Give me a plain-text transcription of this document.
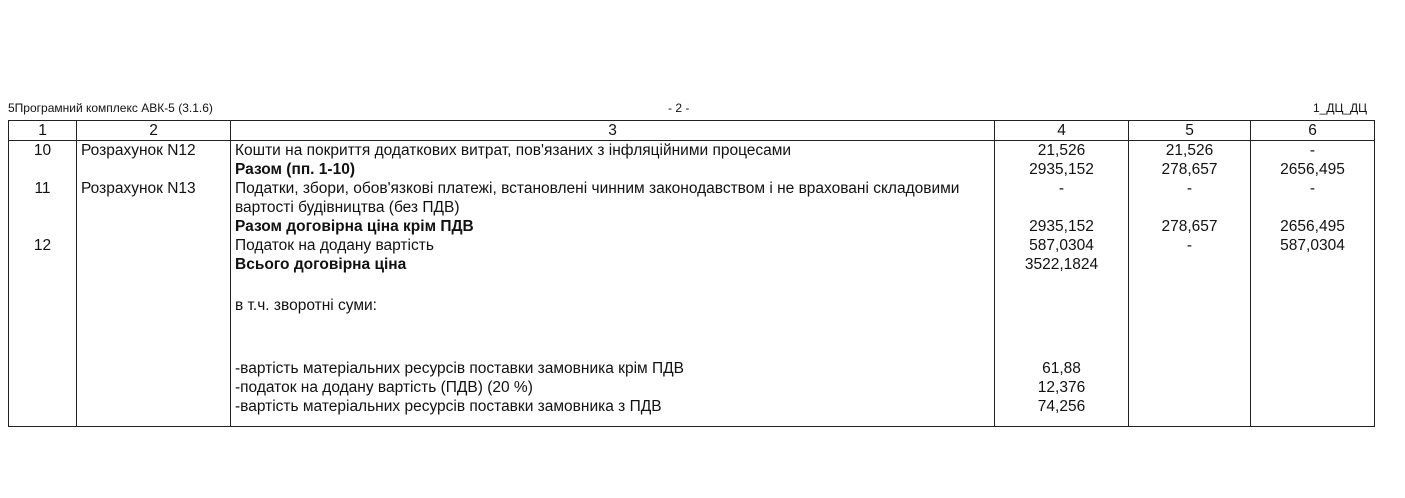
5Програмний комплекс АВК-5 (3.1.6)	- 2 -	1_ДЦ_ДЦ
1	2	3	4	5	6
10	Розрахунок N12	Кошти на покриття додаткових витрат, пов'язаних з інфляційними процесами	21,526	21,526	-
		Разом (пп. 1-10)	2935,152	278,657	2656,495
11	Розрахунок N13	Податки, збори, обов'язкові платежі, встановлені чинним законодавством і не враховані складовими вартості будівництва (без ПДВ)	-	-	-
		Разом договірна ціна крім ПДВ	2935,152	278,657	2656,495
12		Податок на додану вартість	587,0304	-	587,0304
		Всього договірна ціна	3522,1824		

		в т.ч. зворотні суми:			

		-вартість матеріальних ресурсів поставки замовника крім ПДВ	61,88		
		-податок на додану вартість (ПДВ) (20 %)	12,376		
		-вартість матеріальних ресурсів поставки замовника з ПДВ	74,256		
